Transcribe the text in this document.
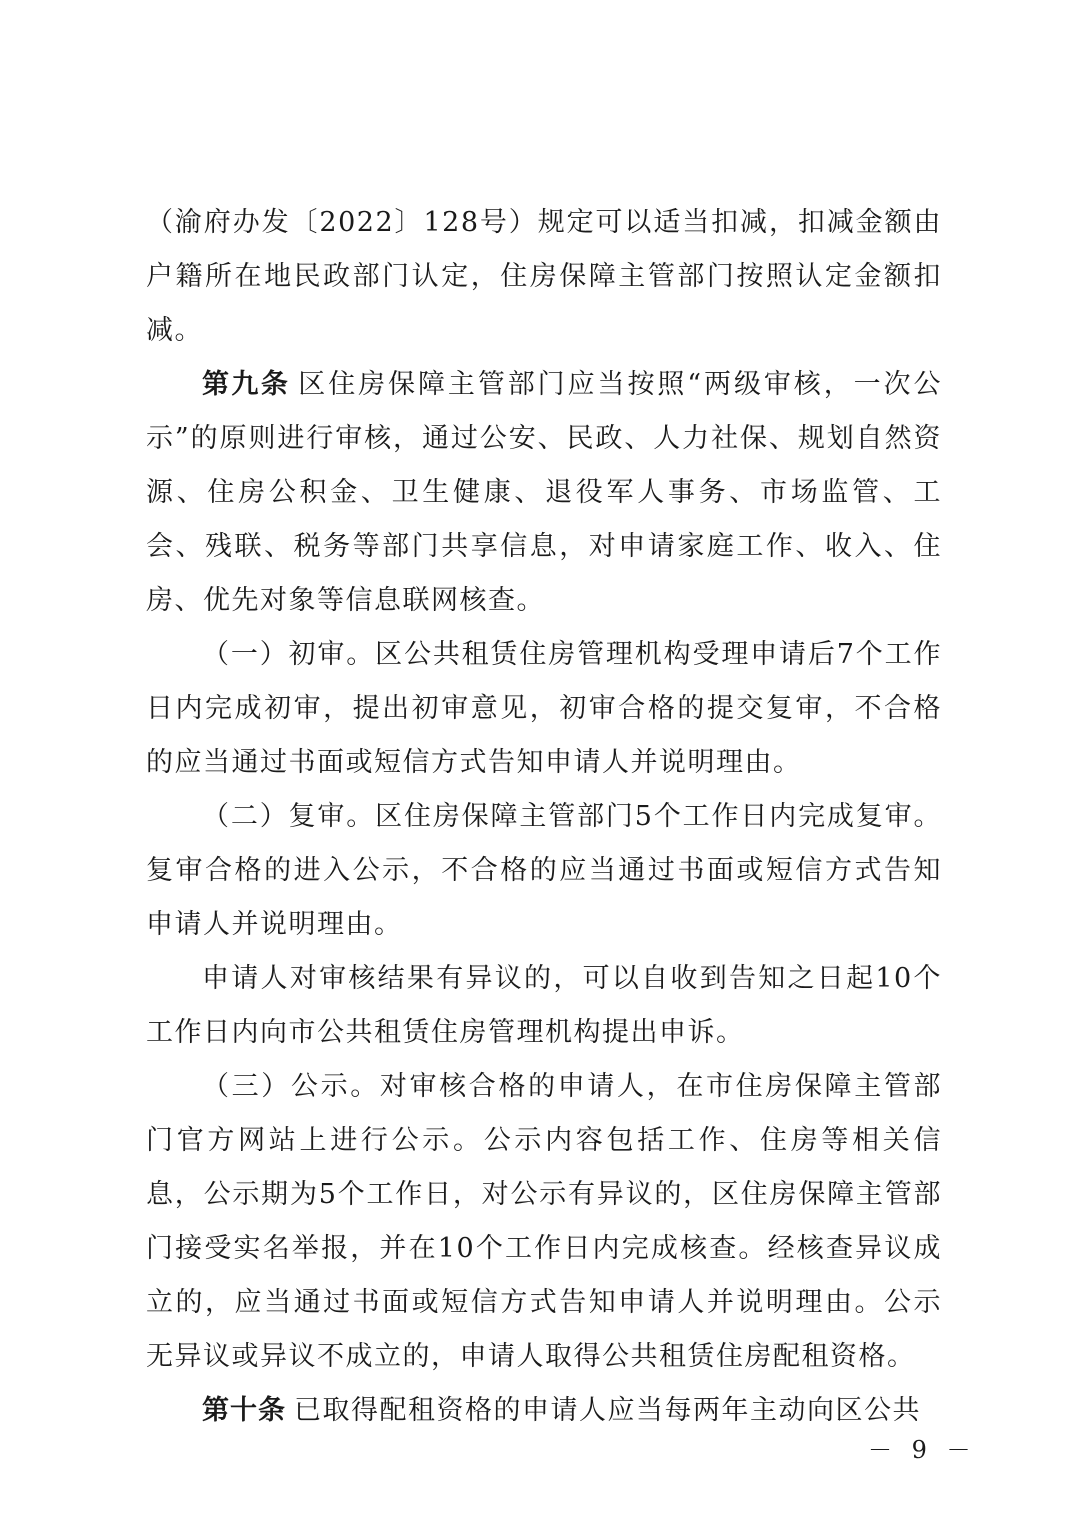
（渝府办发〔2022〕128号）规定可以适当扣减，扣减金额由户籍所在地民政部门认定，住房保障主管部门按照认定金额扣减。

第九条 区住房保障主管部门应当按照“两级审核，一次公示”的原则进行审核，通过公安、民政、人力社保、规划自然资源、住房公积金、卫生健康、退役军人事务、市场监管、工会、残联、税务等部门共享信息，对申请家庭工作、收入、住房、优先对象等信息联网核查。

（一）初审。区公共租赁住房管理机构受理申请后7个工作日内完成初审，提出初审意见，初审合格的提交复审，不合格的应当通过书面或短信方式告知申请人并说明理由。

（二）复审。区住房保障主管部门5个工作日内完成复审。复审合格的进入公示，不合格的应当通过书面或短信方式告知申请人并说明理由。

申请人对审核结果有异议的，可以自收到告知之日起10个工作日内向市公共租赁住房管理机构提出申诉。

（三）公示。对审核合格的申请人，在市住房保障主管部门官方网站上进行公示。公示内容包括工作、住房等相关信息，公示期为5个工作日，对公示有异议的，区住房保障主管部门接受实名举报，并在10个工作日内完成核查。经核查异议成立的，应当通过书面或短信方式告知申请人并说明理由。公示无异议或异议不成立的，申请人取得公共租赁住房配租资格。

第十条 已取得配租资格的申请人应当每两年主动向区公共

－ 9 －
